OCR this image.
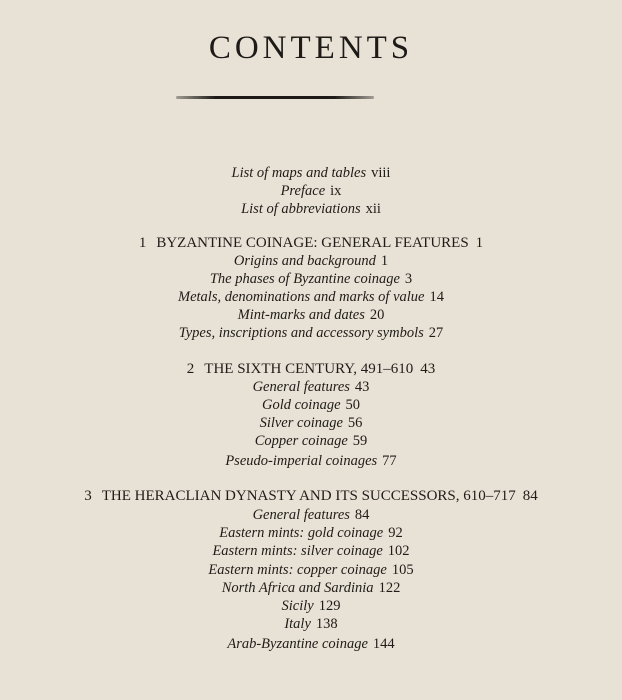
CONTENTS
List of maps and tables viii
Preface ix
List of abbreviations xii
1 BYZANTINE COINAGE: GENERAL FEATURES 1
Origins and background 1
The phases of Byzantine coinage 3
Metals, denominations and marks of value 14
Mint-marks and dates 20
Types, inscriptions and accessory symbols 27
2 THE SIXTH CENTURY, 491–610 43
General features 43
Gold coinage 50
Silver coinage 56
Copper coinage 59
Pseudo-imperial coinages 77
3 THE HERACLIAN DYNASTY AND ITS SUCCESSORS, 610–717 84
General features 84
Eastern mints: gold coinage 92
Eastern mints: silver coinage 102
Eastern mints: copper coinage 105
North Africa and Sardinia 122
Sicily 129
Italy 138
Arab-Byzantine coinage 144
